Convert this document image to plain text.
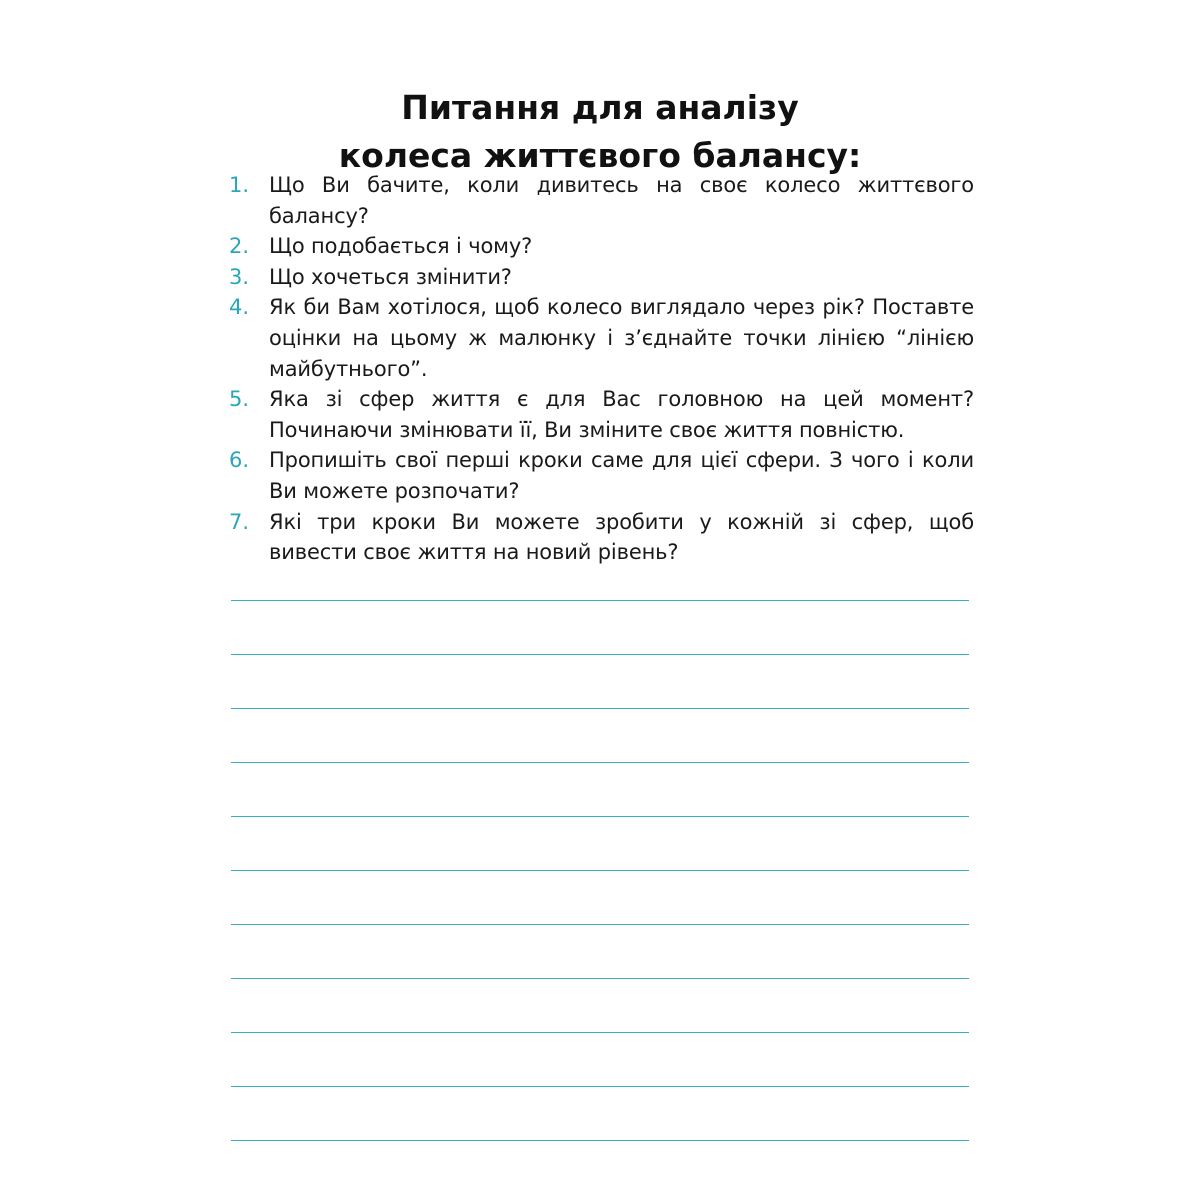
Питання для аналізу
колеса життєвого балансу:
1. Що Ви бачите, коли дивитесь на своє колесо життєвого балансу?
2. Що подобається і чому?
3. Що хочеться змінити?
4. Як би Вам хотілося, щоб колесо виглядало через рік? Поставте оцінки на цьому ж малюнку і з’єднайте точки лінією “лінією майбутнього”.
5. Яка зі сфер життя є для Вас головною на цей момент? Починаючи змінювати її, Ви зміните своє життя повністю.
6. Пропишіть свої перші кроки саме для цієї сфери. З чого і коли Ви можете розпочати?
7. Які три кроки Ви можете зробити у кожній зі сфер, щоб вивести своє життя на новий рівень?
